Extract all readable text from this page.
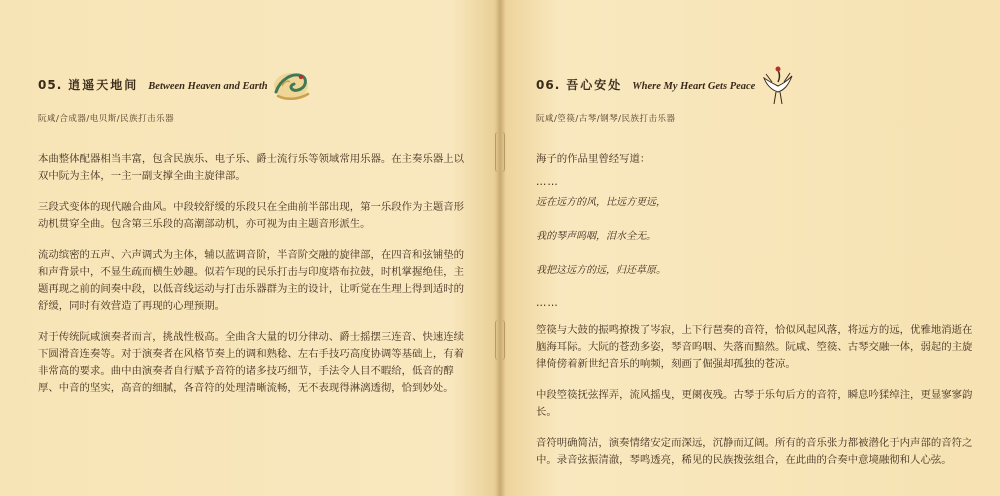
05. 逍遥天地间 Between Heaven and Earth
阮咸/合成器/电贝斯/民族打击乐器

本曲整体配器相当丰富，包含民族乐、电子乐、爵士流行乐等领域常用乐器。在主奏乐器上以双中阮为主体，一主一副支撑全曲主旋律部。

三段式变体的现代融合曲风。中段较舒缓的乐段只在全曲前半部出现，第一乐段作为主题音形动机贯穿全曲。包含第三乐段的高潮部动机，亦可视为由主题音形派生。

流动缤密的五声、六声调式为主体，辅以蓝调音阶，半音阶交融的旋律部，在四音和弦铺垫的和声背景中，不显生疏而横生妙趣。似若乍现的民乐打击与印度塔布拉鼓，时机掌握绝佳，主题再现之前的间奏中段，以低音线运动与打击乐器群为主的设计，让听觉在生理上得到适时的舒缓，同时有效营造了再现的心理预期。

对于传统阮咸演奏者而言，挑战性极高。全曲含大量的切分律动、爵士摇摆三连音、快速连续下圆滑音连奏等。对于演奏者在风格节奏上的调和熟稔、左右手技巧高度协调等基础上，有着非常高的要求。曲中由演奏者自行赋予音符的诸多技巧细节，手法令人目不暇给，低音的醇厚、中音的坚实，高音的细腻，各音符的处理清晰流畅，无不表现得淋漓透彻，恰到妙处。

06. 吾心安处 Where My Heart Gets Peace
阮咸/箜篌/古琴/钢琴/民族打击乐器

海子的作品里曾经写道：

……

远在远方的风，比远方更远，

我的琴声呜咽，泪水全无。

我把这远方的远，归还草原。

……

箜篌与大鼓的振鸣撩拨了岑寂，上下行琶奏的音符，恰似风起风落，将远方的远，优雅地消逝在脑海耳际。大阮的苍劲多姿，琴音呜咽、失落而黯然。阮咸、箜篌、古琴交融一体，弱起的主旋律倚傍着新世纪音乐的响频，刻画了倔强却孤独的苍凉。

中段箜篌抚弦挥弄，流风摇曳，更阑夜残。古琴于乐句后方的音符，瞬息吟猱绰注，更显寥寥韵长。

音符明确简洁，演奏情绪安定而深远，沉静而辽阔。所有的音乐张力都被潜化于内声部的音符之中。录音弦振清澈，琴鸣透亮，稀见的民族拨弦组合，在此曲的合奏中意境融彻和人心弦。
